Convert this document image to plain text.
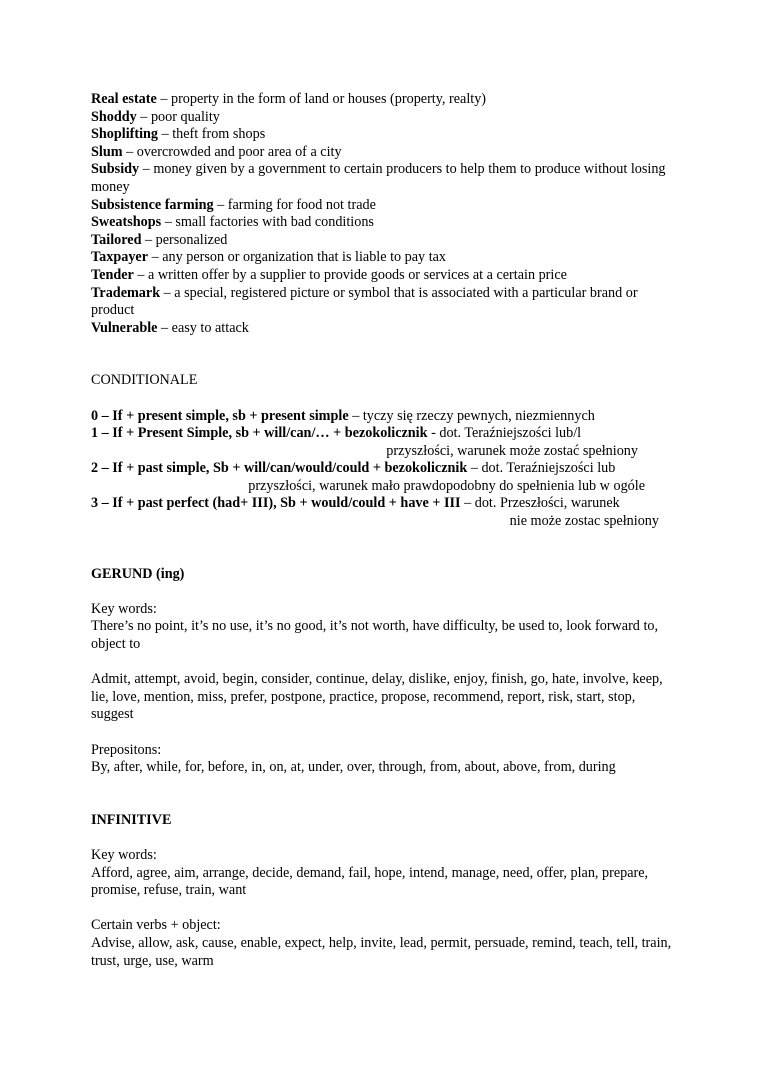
Real estate – property in the form of land or houses (property, realty)

Shoddy – poor quality

Shoplifting – theft from shops

Slum – overcrowded and poor area of a city

Subsidy – money given by a government to certain producers to help them to produce without losing money

Subsistence farming – farming for food not trade

Sweatshops – small factories with bad conditions

Tailored – personalized

Taxpayer – any person or organization that is liable to pay tax

Tender – a written offer by a supplier to provide goods or services at a certain price

Trademark – a special, registered picture or symbol that is associated with a particular brand or product

Vulnerable – easy to attack

CONDITIONALE

0 – If + present simple, sb + present simple – tyczy się rzeczy pewnych, niezmiennych

1 – If + Present Simple, sb + will/can/… + bezokolicznik - dot. Teraźniejszości lub/l

przyszłości, warunek może zostać spełniony

2 – If + past simple, Sb + will/can/would/could + bezokolicznik – dot. Teraźniejszości lub

przyszłości, warunek mało prawdopodobny do spełnienia lub w ogóle

3 – If + past perfect (had+ III), Sb + would/could + have + III – dot. Przeszłości, warunek

nie może zostac spełniony

GERUND (ing)

Key words:

There’s no point, it’s no use, it’s no good, it’s not worth, have difficulty, be used to, look forward to, object to

Admit, attempt, avoid, begin, consider, continue, delay, dislike, enjoy, finish, go, hate, involve, keep, lie, love, mention, miss, prefer, postpone, practice, propose, recommend, report, risk, start, stop, suggest

Prepositons:

By, after, while, for, before, in, on, at, under, over, through, from, about, above, from, during

INFINITIVE

Key words:

Afford, agree, aim, arrange, decide, demand, fail, hope, intend, manage, need, offer, plan, prepare, promise, refuse, train, want

Certain verbs + object:

Advise, allow, ask, cause, enable, expect, help, invite, lead, permit, persuade, remind, teach, tell, train, trust, urge, use, warm
